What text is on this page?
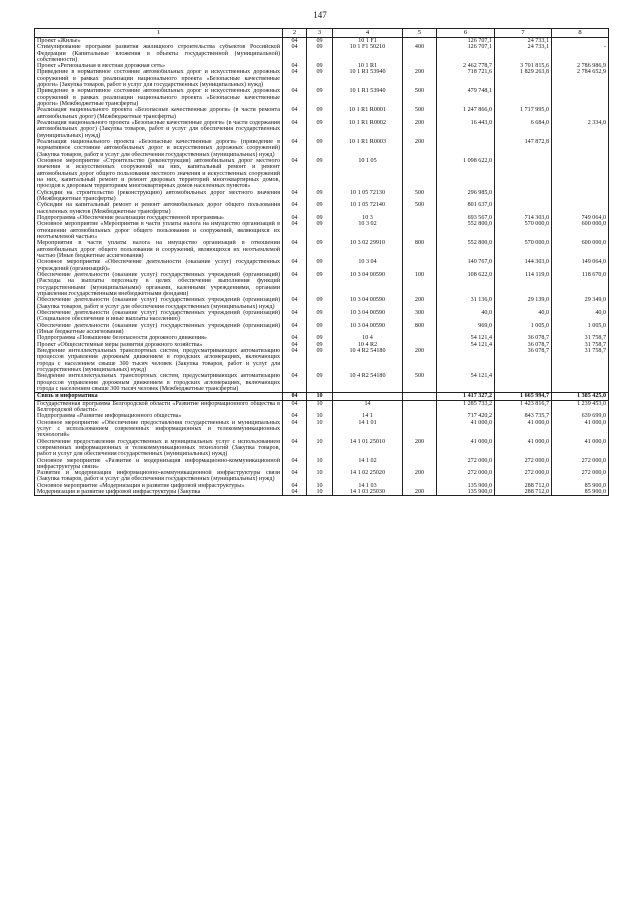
147
1	2	3	4	5	6	7	8
Проект «Жилье»	04	09	10 1 F1		126 707,1	24 733,1	
Стимулирование программ развития жилищного строительства субъектов Российской Федерации (Капитальные вложения в объекты государственной (муниципальной) собственности)	04	09	10 1 F1 50210	400	126 707,1	24 733,1	-
Проект «Региональная и местная дорожная сеть»	04	09	10 1 R1		2 462 778,7	3 701 815,6	2 786 986,9
Приведение в нормативное состояние автомобильных дорог и искусственных дорожных сооружений в рамках реализации национального проекта «Безопасные качественные дороги» (Закупка товаров, работ и услуг для государственных (муниципальных) нужд)	04	09	10 1 R1 53940	200	718 721,6	1 829 263,8	2 784 652,9
Приведение в нормативное состояние автомобильных дорог и искусственных дорожных сооружений в рамках реализации национального проекта «Безопасные качественные дороги» (Межбюджетные трансферты)	04	09	10 1 R1 53940	500	479 748,1		
Реализация национального проекта «Безопасные качественные дороги» (в части ремонта автомобильных дорог) (Межбюджетные трансферты)	04	09	10 1 R1 R0001	500	1 247 866,0	1 717 995,0	
Реализация национального проекта «Безопасные качественные дороги» (в части содержания автомобильных дорог) (Закупка товаров, работ и услуг для обеспечения государственных (муниципальных) нужд)	04	09	10 1 R1 R0002	200	16 443,0	6 684,0	2 334,0
Реализация национального проекта «Безопасные качественные дороги» (приведение в нормативное состояние автомобильных дорог и искусственных дорожных сооружений) (Закупка товаров, работ и услуг для обеспечения государственных (муниципальных) нужд)	04	09	10 1 R1 R0003	200		147 872,8	
Основное мероприятие «Строительство (реконструкция) автомобильных дорог местного значения и искусственных сооружений на них, капитальный ремонт и ремонт автомобильных дорог общего пользования местного значения и искусственных сооружений на них, капитальный ремонт и ремонт дворовых территорий многоквартирных домов, проездов к дворовым территориям многоквартирных домов населенных пунктов»	04	09	10 1 05		1 098 622,0		
Субсидии на строительство (реконструкцию) автомобильных дорог местного значения (Межбюджетные трансферты)	04	09	10 1 05 72130	500	296 985,0		
Субсидии на капитальный ремонт и ремонт автомобильных дорог общего пользования населенных пунктов (Межбюджетные трансферты)	04	09	10 1 05 72140	500	801 637,0		
Подпрограмма «Обеспечение реализации государственной программы»	04	09	10 3		693 567,0	714 303,0	749 064,0
Основное мероприятие «Мероприятия в части уплаты налога на имущество организаций в отношении автомобильных дорог общего пользования и сооружений, являющихся их неотъемлемой частью»	04	09	10 3 02		552 800,0	570 000,0	600 000,0
Мероприятия в части уплаты налога на имущество организаций в отношении автомобильных дорог общего пользования и сооружений, являющихся их неотъемлемой частью (Иные бюджетные ассигнования)	04	09	10 3 02 29910	800	552 800,0	570 000,0	600 000,0
Основное мероприятие «Обеспечение деятельности (оказание услуг) государственных учреждений (организаций)»	04	09	10 3 04		140 767,0	144 303,0	149 064,0
Обеспечение деятельности (оказание услуг) государственных учреждений (организаций) (Расходы на выплаты персоналу в целях обеспечения выполнения функций государственными (муниципальными) органами, казенными учреждениями, органами управления государственными внебюджетными фондами)	04	09	10 3 04 00590	100	108 622,0	114 119,0	118 670,0
Обеспечение деятельности (оказание услуг) государственных учреждений (организаций) (Закупка товаров, работ и услуг для обеспечения государственных (муниципальных) нужд)	04	09	10 3 04 00590	200	31 136,0	29 139,0	29 349,0
Обеспечение деятельности (оказание услуг) государственных учреждений (организаций) (Социальное обеспечение и иные выплаты населению)	04	09	10 3 04 00590	300	40,0	40,0	40,0
Обеспечение деятельности (оказание услуг) государственных учреждений (организаций) (Иные бюджетные ассигнования)	04	09	10 3 04 00590	800	969,0	1 005,0	1 005,0
Подпрограмма «Повышение безопасности дорожного движения»	04	09	10 4		54 121,4	36 078,7	31 758,7
Проект «Общесистемные меры развития дорожного хозяйства»	04	09	10 4 R2		54 121,4	36 078,7	31 758,7
Внедрение интеллектуальных транспортных систем, предусматривающих автоматизацию процессов управления дорожным движением в городских агломерациях, включающих города с населением свыше 300 тысяч человек (Закупка товаров, работ и услуг для государственных (муниципальных) нужд)	04	09	10 4 R2 54180	200		36 078,7	31 758,7
Внедрение интеллектуальных транспортных систем, предусматривающих автоматизацию процессов управления дорожным движением в городских агломерациях, включающих города с населением свыше 300 тысяч человек (Межбюджетные трансферты)	04	09	10 4 R2 54180	500	54 121,4		
Связь и информатика	04	10			1 417 327,2	1 665 994,7	1 385 425,0
Государственная программа Белгородской области «Развитие информационного общества в Белгородской области»	04	10	14		1 285 733,2	1 423 816,7	1 239 453,0
Подпрограмма «Развитие информационного общества»	04	10	14 1		717 420,2	843 735,7	639 699,0
Основное мероприятие «Обеспечение предоставления государственных и муниципальных услуг с использованием современных информационных и телекоммуникационных технологий»	04	10	14 1 01		41 000,0	41 000,0	41 000,0
Обеспечение предоставления государственных и муниципальных услуг с использованием современных информационных и телекоммуникационных технологий (Закупка товаров, работ и услуг для обеспечения государственных (муниципальных) нужд)	04	10	14 1 01 25010	200	41 000,0	41 000,0	41 000,0
Основное мероприятие «Развитие и модернизация информационно-коммуникационной инфраструктуры связи»	04	10	14 1 02		272 000,0	272 000,0	272 000,0
Развитие и модернизация информационно-коммуникационной инфраструктуры связи (Закупка товаров, работ и услуг для обеспечения государственных (муниципальных) нужд)	04	10	14 1 02 25020	200	272 000,0	272 000,0	272 000,0
Основное мероприятие «Модернизация и развитие цифровой инфраструктуры»	04	10	14 1 03		135 900,0	288 712,0	85 900,0
Модернизация и развитие цифровой инфраструктуры (Закупка	04	10	14 1 03 25030	200	135 900,0	288 712,0	85 900,0
